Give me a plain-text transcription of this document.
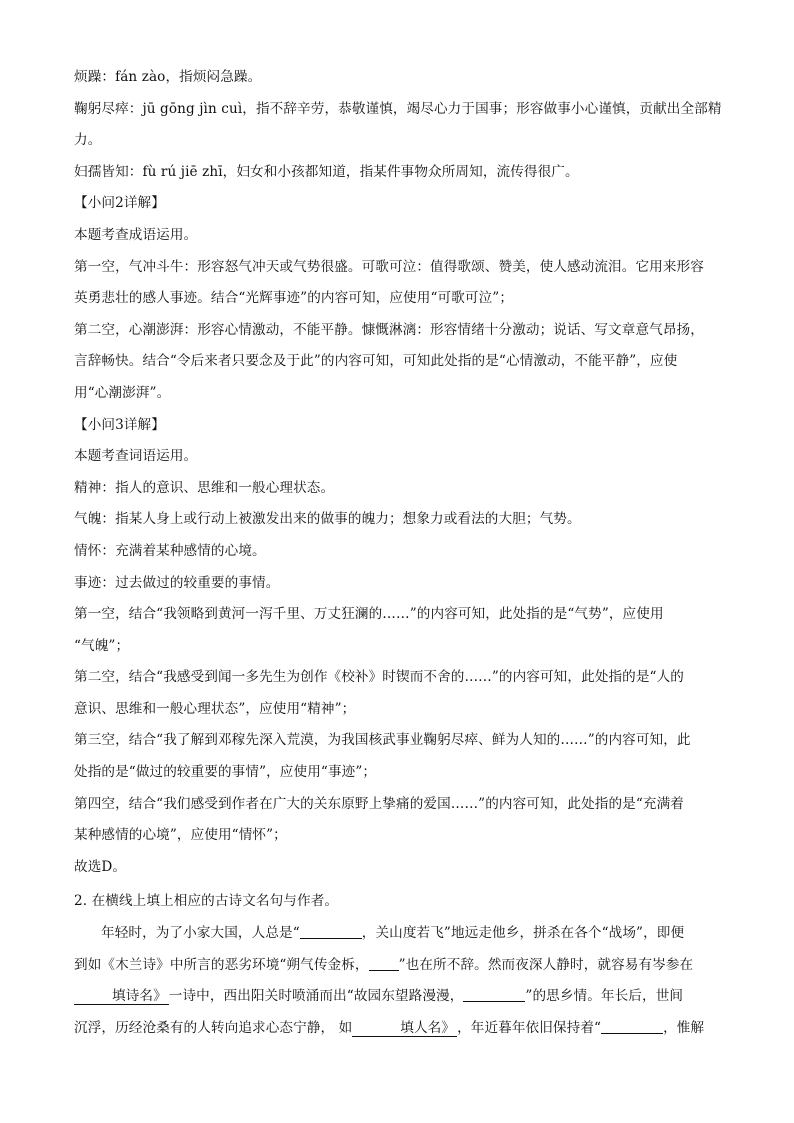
烦躁：fán zào，指烦闷急躁。
鞠躬尽瘁：jū gōng jìn cuì，指不辞辛劳，恭敬谨慎，竭尽心力于国事；形容做事小心谨慎，贡献出全部精
力。
妇孺皆知：fù rú jiē zhī，妇女和小孩都知道，指某件事物众所周知，流传得很广。
【小问2详解】
本题考查成语运用。
第一空，气冲斗牛：形容怒气冲天或气势很盛。可歌可泣：值得歌颂、赞美，使人感动流泪。它用来形容
英勇悲壮的感人事迹。结合“光辉事迹”的内容可知，应使用“可歌可泣”；
第二空，心潮澎湃：形容心情激动，不能平静。慷慨淋漓：形容情绪十分激动；说话、写文章意气昂扬，
言辞畅快。结合“令后来者只要念及于此”的内容可知，可知此处指的是“心情激动，不能平静”，应使
用“心潮澎湃”。
【小问3详解】
本题考查词语运用。
精神：指人的意识、思维和一般心理状态。
气魄：指某人身上或行动上被激发出来的做事的魄力；想象力或看法的大胆；气势。
情怀：充满着某种感情的心境。
事迹：过去做过的较重要的事情。
第一空，结合“我领略到黄河一泻千里、万丈狂澜的……”的内容可知，此处指的是“气势”，应使用
“气魄”；
第二空，结合“我感受到闻一多先生为创作《校补》时锲而不舍的……”的内容可知，此处指的是“人的
意识、思维和一般心理状态”，应使用“精神”；
第三空，结合“我了解到邓稼先深入荒漠，为我国核武事业鞠躬尽瘁、鲜为人知的……”的内容可知，此
处指的是“做过的较重要的事情”，应使用“事迹”；
第四空，结合“我们感受到作者在广大的关东原野上挚痛的爱国……”的内容可知，此处指的是“充满着
某种感情的心境”，应使用“情怀”；
故选D。
2. 在横线上填上相应的古诗文名句与作者。
年轻时，为了小家大国，人总是“	，关山度若飞”地远走他乡，拼杀在各个“战场”，即便
到如《木兰诗》中所言的恶劣环境“朔气传金柝， ”也在所不辞。然而夜深人静时，就容易有岑参在
填诗名》 一诗中，西出阳关时喷涌而出“故园东望路漫漫，	”的思乡情。年长后，世间
沉浮，历经沧桑有的人转向追求心态宁静， 如	填人名》 ，年近暮年依旧保持着“	，惟解
